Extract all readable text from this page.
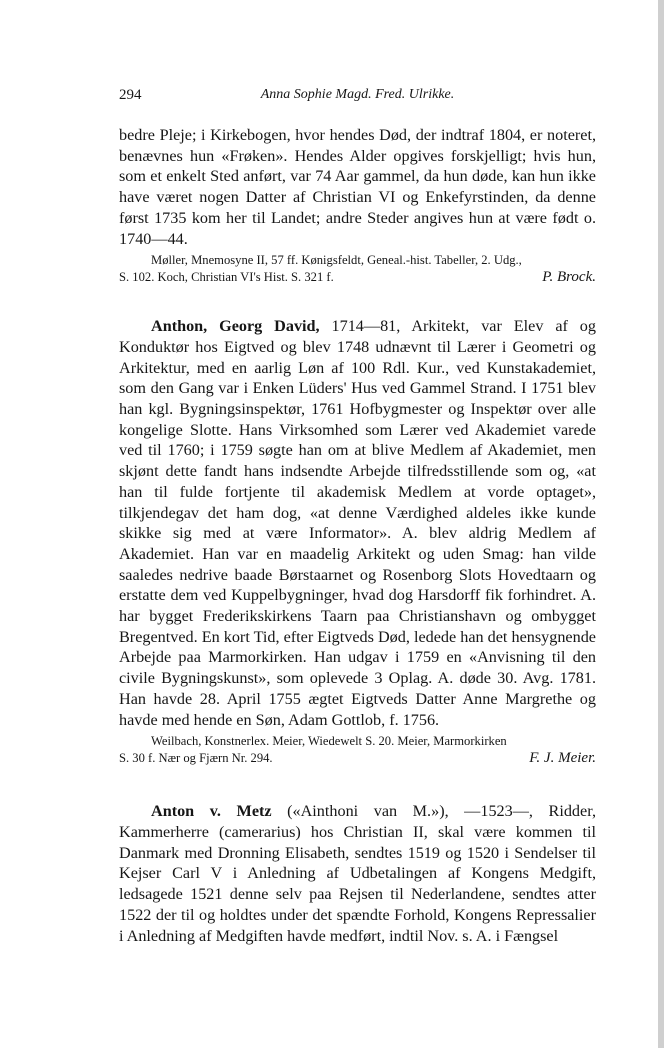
294	Anna Sophie Magd. Fred. Ulrikke.

bedre Pleje; i Kirkebogen, hvor hendes Død, der indtraf 1804, er noteret, benævnes hun «Frøken». Hendes Alder opgives forskjelligt; hvis hun, som et enkelt Sted anført, var 74 Aar gammel, da hun døde, kan hun ikke have været nogen Datter af Christian VI og Enkefyrstinden, da denne først 1735 kom her til Landet; andre Steder angives hun at være født o. 1740—44.

Møller, Mnemosyne II, 57 ff. Kønigsfeldt, Geneal.-hist. Tabeller, 2. Udg.,
S. 102. Koch, Christian VI's Hist. S. 321 f.	P. Brock.

Anthon, Georg David, 1714—81, Arkitekt, var Elev af og Konduktør hos Eigtved og blev 1748 udnævnt til Lærer i Geometri og Arkitektur, med en aarlig Løn af 100 Rdl. Kur., ved Kunstakademiet, som den Gang var i Enken Lüders' Hus ved Gammel Strand. I 1751 blev han kgl. Bygningsinspektør, 1761 Hofbygmester og Inspektør over alle kongelige Slotte. Hans Virksomhed som Lærer ved Akademiet varede ved til 1760; i 1759 søgte han om at blive Medlem af Akademiet, men skjønt dette fandt hans indsendte Arbejde tilfredsstillende som og, «at han til fulde fortjente til akademisk Medlem at vorde optaget», tilkjendegav det ham dog, «at denne Værdighed aldeles ikke kunde skikke sig med at være Informator». A. blev aldrig Medlem af Akademiet. Han var en maadelig Arkitekt og uden Smag: han vilde saaledes nedrive baade Børstaarnet og Rosenborg Slots Hovedtaarn og erstatte dem ved Kuppelbygninger, hvad dog Harsdorff fik forhindret. A. har bygget Frederikskirkens Taarn paa Christianshavn og ombygget Bregentved. En kort Tid, efter Eigtveds Død, ledede han det hensygnende Arbejde paa Marmorkirken. Han udgav i 1759 en «Anvisning til den civile Bygningskunst», som oplevede 3 Oplag. A. døde 30. Avg. 1781. Han havde 28. April 1755 ægtet Eigtveds Datter Anne Margrethe og havde med hende en Søn, Adam Gottlob, f. 1756.

Weilbach, Konstnerlex. Meier, Wiedewelt S. 20. Meier, Marmorkirken
S. 30 f. Nær og Fjærn Nr. 294.	F. J. Meier.

Anton v. Metz («Ainthoni van M.»), —1523—, Ridder, Kammerherre (camerarius) hos Christian II, skal være kommen til Danmark med Dronning Elisabeth, sendtes 1519 og 1520 i Sendelser til Kejser Carl V i Anledning af Udbetalingen af Kongens Medgift, ledsagede 1521 denne selv paa Rejsen til Nederlandene, sendtes atter 1522 der til og holdtes under det spændte Forhold, Kongens Repressalier i Anledning af Medgiften havde medført, indtil Nov. s. A. i Fængsel
